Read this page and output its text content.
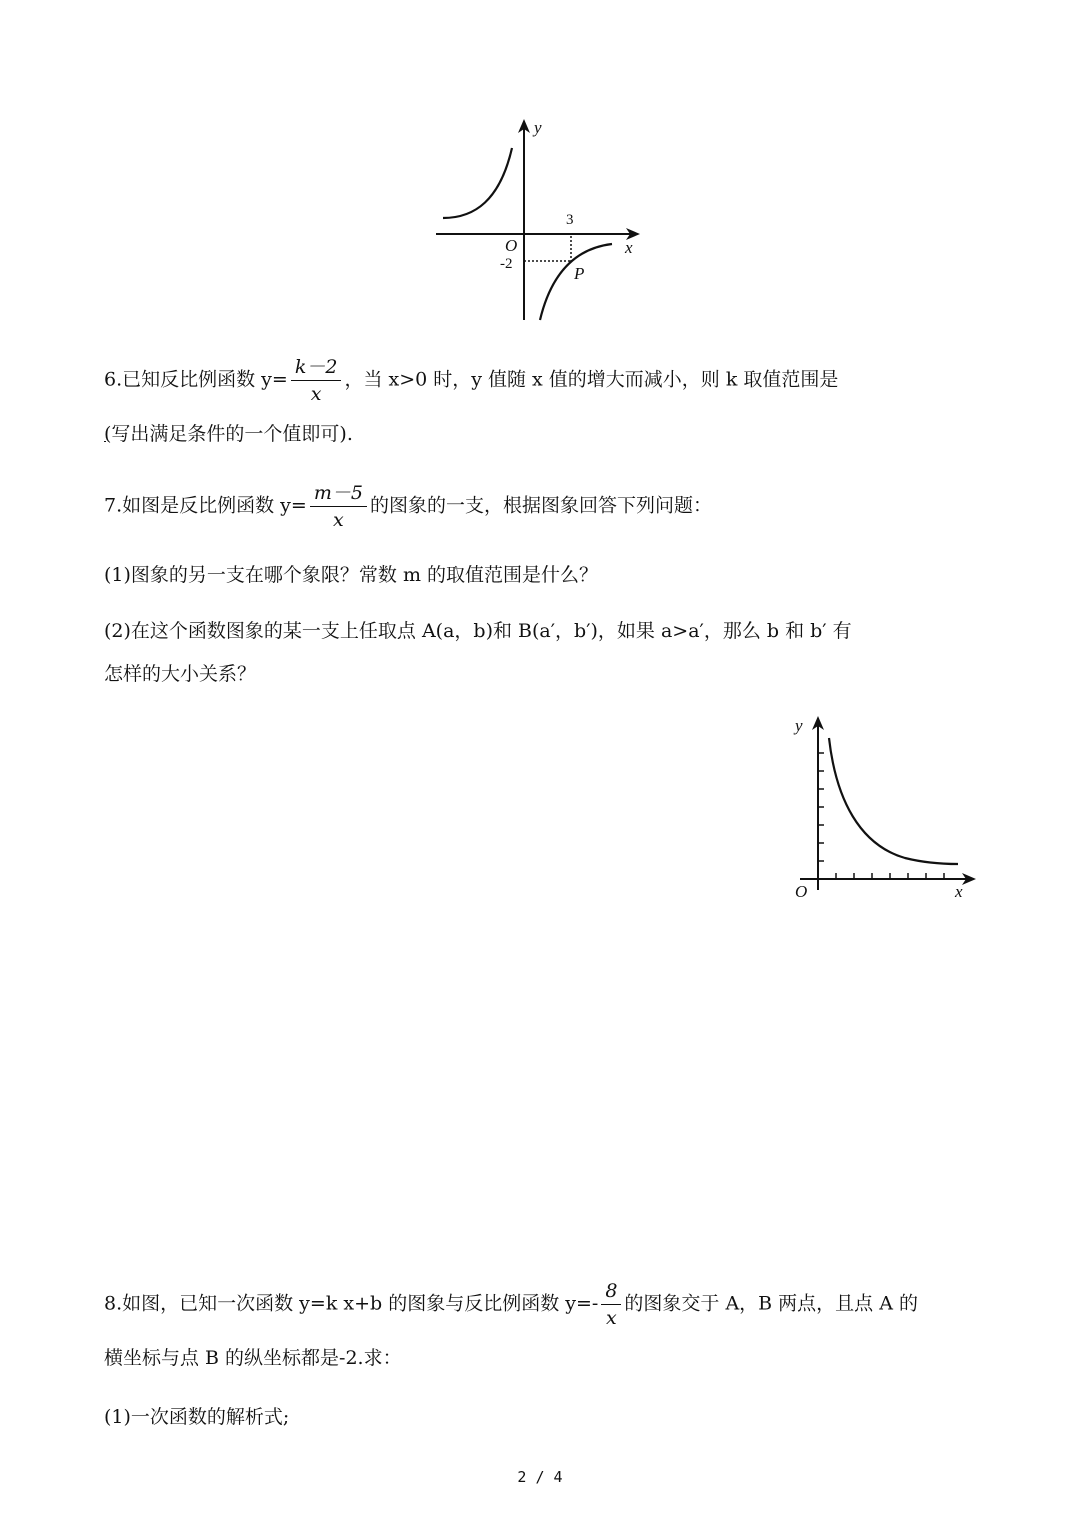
y
x
O
3
-2	P
6.已知反比例函数 $y= \frac{k-2}{x}$ ，当 x>0 时，y 值随 x 值的增大而减小，则 k 取值范围是
(写出满足条件的一个值即可).
7.如图是反比例函数 $y= \frac{m-5}{x}$ 的图象的一支，根据图象回答下列问题：
(1)图象的另一支在哪个象限？常数 m 的取值范围是什么？
(2)在这个函数图象的某一支上任取点 A(a，b)和 B(a′，b′)，如果 a>a′，那么 b 和 b′ 有
怎样的大小关系？
y
x
O
8.如图，已知一次函数 y=k x+b 的图象与反比例函数 $y=- \frac{8}{x}$ 的图象交于 A，B 两点，且点 A 的
横坐标与点 B 的纵坐标都是-2.求：
(1)一次函数的解析式;
2 / 4
